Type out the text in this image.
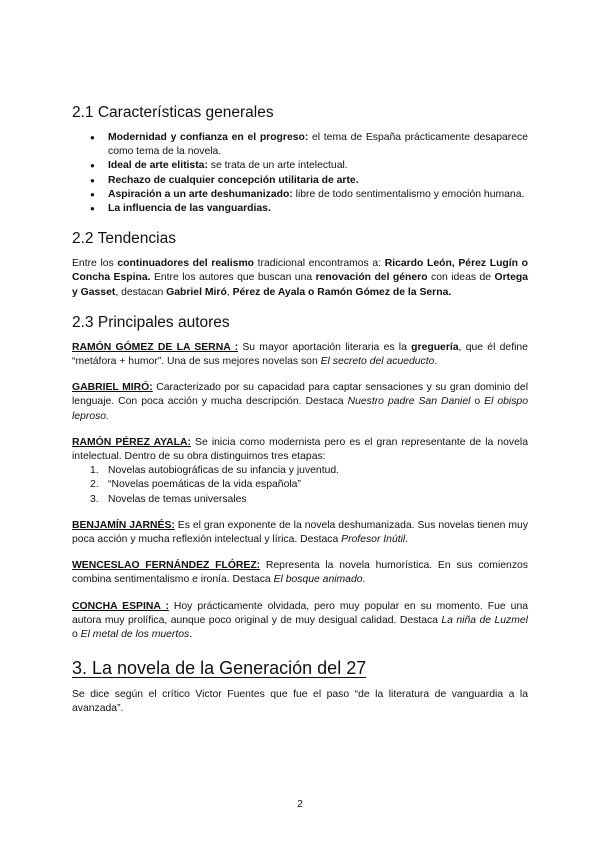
2.1 Características generales
● Modernidad y confianza en el progreso: el tema de España prácticamente desaparece como tema de la novela.
● Ideal de arte elitista: se trata de un arte intelectual.
● Rechazo de cualquier concepción utilitaria de arte.
● Aspiración a un arte deshumanizado: libre de todo sentimentalismo y emoción humana.
● La influencia de las vanguardias.
2.2 Tendencias

Entre los continuadores del realismo tradicional encontramos a: Ricardo León, Pérez Lugín o Concha Espina. Entre los autores que buscan una renovación del género con ideas de Ortega y Gasset, destacan Gabriel Miró, Pérez de Ayala o Ramón Gómez de la Serna.

2.3 Principales autores

RAMÓN GÓMEZ DE LA SERNA : Su mayor aportación literaria es la greguería, que él define “metáfora + humor”. Una de sus mejores novelas son El secreto del acueducto.

GABRIEL MIRÓ: Caracterizado por su capacidad para captar sensaciones y su gran dominio del lenguaje. Con poca acción y mucha descripción. Destaca Nuestro padre San Daniel o El obispo leproso.

RAMÓN PÉREZ AYALA: Se inicia como modernista pero es el gran representante de la novela intelectual. Dentro de su obra distinguimos tres etapas:

1. Novelas autobiográficas de su infancia y juventud.
2. “Novelas poemáticas de la vida española”
3. Novelas de temas universales

BENJAMÍN JARNÉS: Es el gran exponente de la novela deshumanizada. Sus novelas tienen muy poca acción y mucha reflexión intelectual y lírica. Destaca Profesor Inútil.

WENCESLAO FERNÁNDEZ FLÓREZ: Representa la novela humorística. En sus comienzos combina sentimentalismo e ironía. Destaca El bosque animado.

CONCHA ESPINA : Hoy prácticamente olvidada, pero muy popular en su momento. Fue una autora muy prolífica, aunque poco original y de muy desigual calidad. Destaca La niña de Luzmel o El metal de los muertos.

3. La novela de la Generación del 27

Se dice según el crítico Victor Fuentes que fue el paso “de la literatura de vanguardia a la avanzada”.

2
